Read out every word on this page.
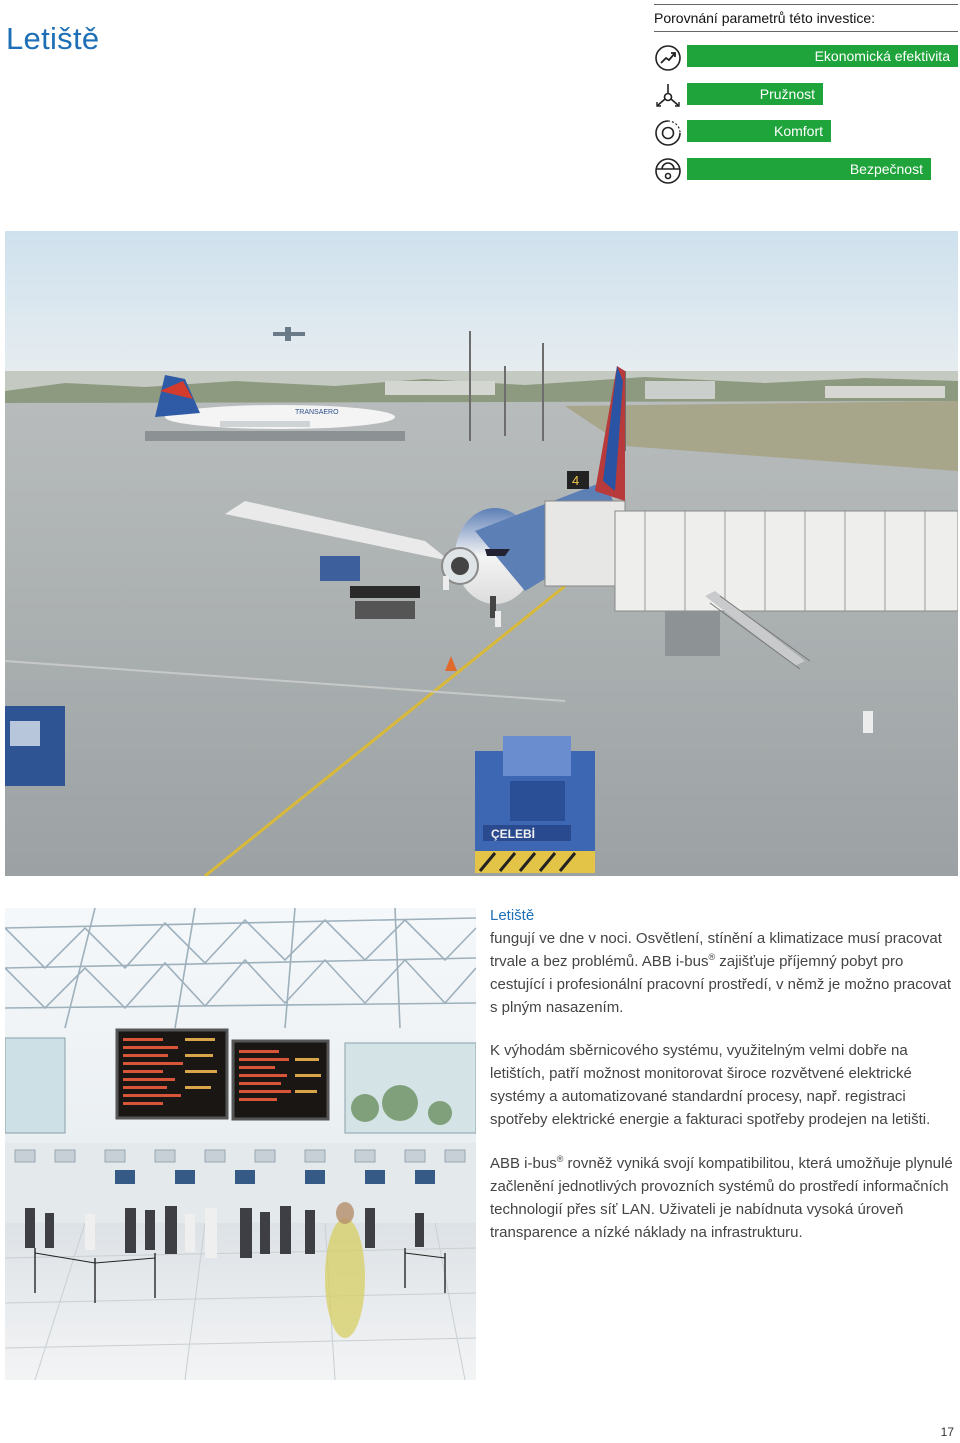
Letiště
Porovnání parametrů této investice:
Ekonomická efektivita
Pružnost
Komfort
Bezpečnost
TRANSAERO
4
ÇELEBİ

Letiště

fungují ve dne v noci. Osvětlení, stínění a klimatizace musí pracovat trvale a bez problémů. ABB i-bus® zajišťuje příjemný pobyt pro cestující i profesionální pracovní prostředí, v němž je možno pracovat s plným nasazením.

K výhodám sběrnicového systému, využitelným velmi dobře na letištích, patří možnost monitorovat široce rozvětvené elektrické systémy a automatizované standardní procesy, např. registraci spotřeby elektrické energie a fakturaci spotřeby prodejen na letišti.

ABB i-bus® rovněž vyniká svojí kompatibilitou, která umožňuje plynulé začlenění jednotlivých provozních systémů do prostředí informačních technologií přes síť LAN. Uživateli je nabídnuta vysoká úroveň transparence a nízké náklady na infrastrukturu.

17
